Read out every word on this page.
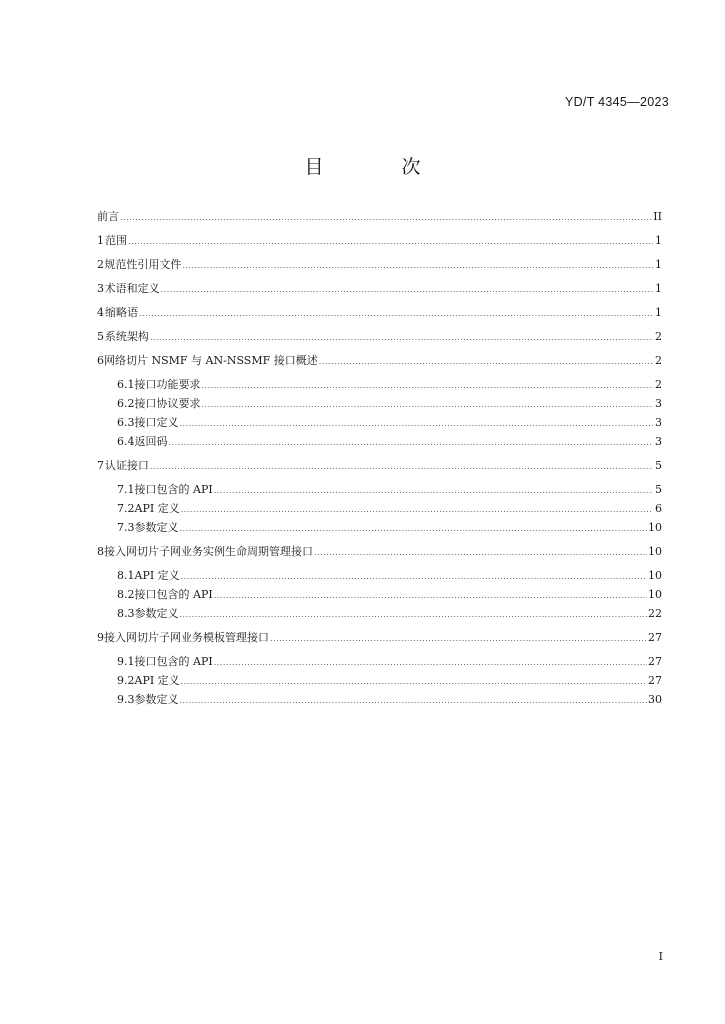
YD/T 4345—2023
目 次
前言 .....	II
1 范围 .....	1
2 规范性引用文件 .....	1
3 术语和定义 .....	1
4 缩略语 .....	1
5 系统架构 .....	2
6 网络切片 NSMF 与 AN-NSSMF 接口概述 .....	2
6.1 接口功能要求 .....	2
6.2 接口协议要求 .....	3
6.3 接口定义 .....	3
6.4 返回码 .....	3
7 认证接口 .....	5
7.1 接口包含的 API .....	5
7.2 API 定义 .....	6
7.3 参数定义 .....	10
8 接入网切片子网业务实例生命周期管理接口 .....	10
8.1 API 定义 .....	10
8.2 接口包含的 API .....	10
8.3 参数定义 .....	22
9 接入网切片子网业务模板管理接口 .....	27
9.1 接口包含的 API .....	27
9.2 API 定义 .....	27
9.3 参数定义 .....	30
I
